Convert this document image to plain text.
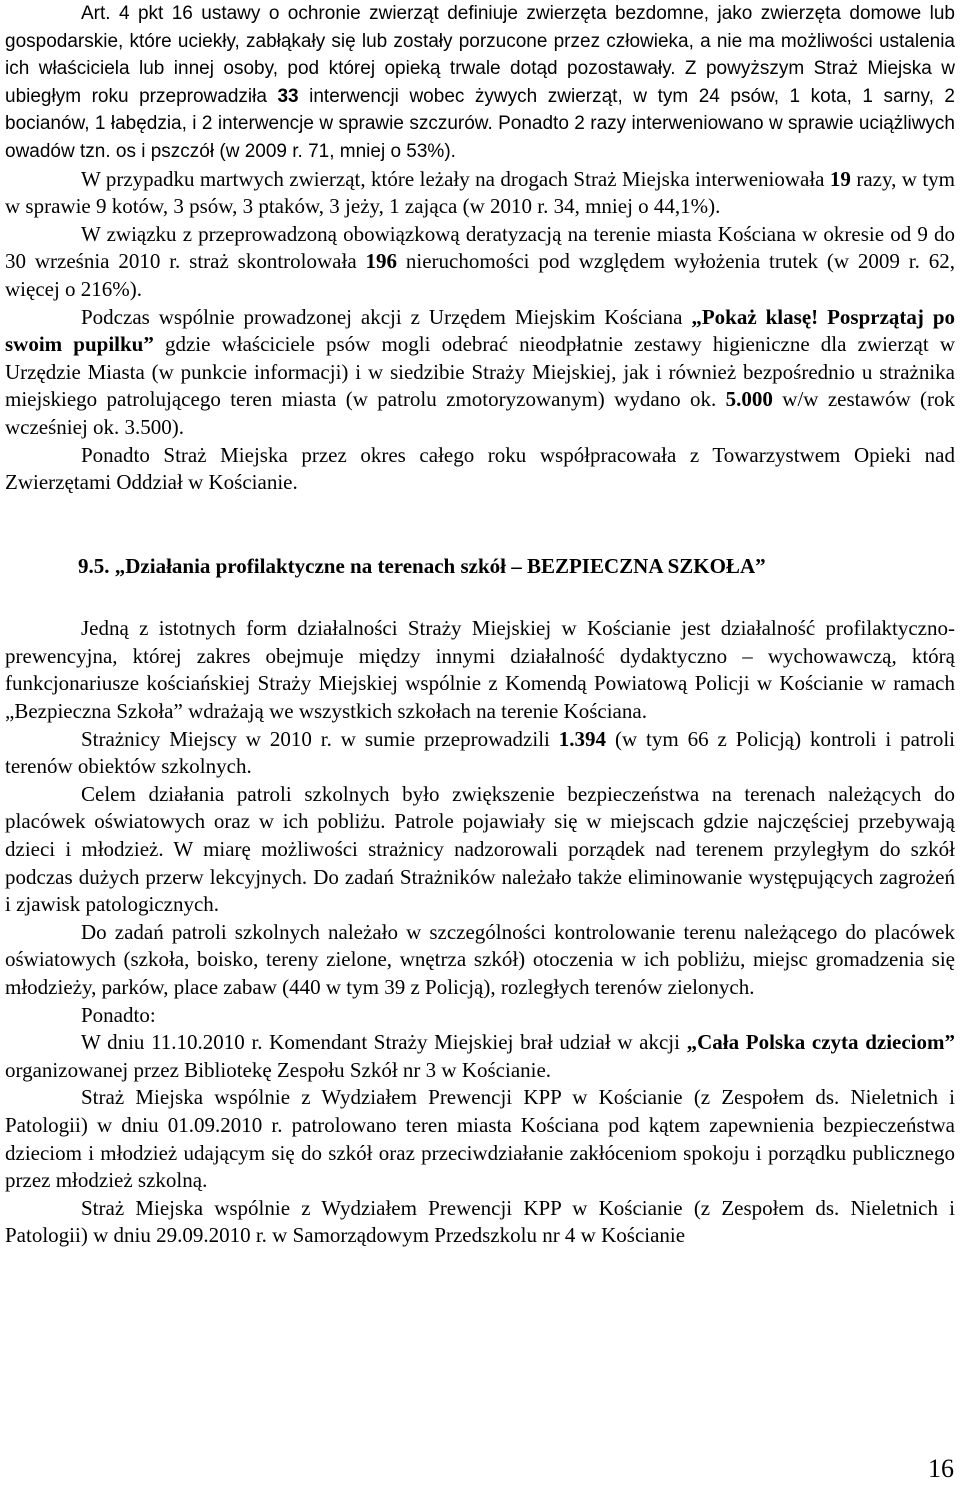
Art. 4 pkt 16 ustawy o ochronie zwierząt definiuje zwierzęta bezdomne, jako zwierzęta domowe lub gospodarskie, które uciekły, zabłąkały się lub zostały porzucone przez człowieka, a nie ma możliwości ustalenia ich właściciela lub innej osoby, pod której opieką trwale dotąd pozostawały. Z powyższym Straż Miejska w ubiegłym roku przeprowadziła 33 interwencji wobec żywych zwierząt, w tym 24 psów, 1 kota, 1 sarny, 2 bocianów, 1 łabędzia, i 2 interwencje w sprawie szczurów. Ponadto 2 razy interweniowano w sprawie uciążliwych owadów tzn. os i pszczół (w 2009 r. 71, mniej o 53%).

W przypadku martwych zwierząt, które leżały na drogach Straż Miejska interweniowała 19 razy, w tym w sprawie 9 kotów, 3 psów, 3 ptaków, 3 jeży, 1 zająca (w 2010 r. 34, mniej o 44,1%).

W związku z przeprowadzoną obowiązkową deratyzacją na terenie miasta Kościana w okresie od 9 do 30 września 2010 r. straż skontrolowała 196 nieruchomości pod względem wyłożenia trutek (w 2009 r. 62, więcej o 216%).

Podczas wspólnie prowadzonej akcji z Urzędem Miejskim Kościana „Pokaż klasę! Posprzątaj po swoim pupilku” gdzie właściciele psów mogli odebrać nieodpłatnie zestawy higieniczne dla zwierząt w Urzędzie Miasta (w punkcie informacji) i w siedzibie Straży Miejskiej, jak i również bezpośrednio u strażnika miejskiego patrolującego teren miasta (w patrolu zmotoryzowanym) wydano ok. 5.000 w/w zestawów (rok wcześniej ok. 3.500).

Ponadto Straż Miejska przez okres całego roku współpracowała z Towarzystwem Opieki nad Zwierzętami Oddział w Kościanie.

9.5. „Działania profilaktyczne na terenach szkół – BEZPIECZNA SZKOŁA”

Jedną z istotnych form działalności Straży Miejskiej w Kościanie jest działalność profilaktyczno-prewencyjna, której zakres obejmuje między innymi działalność dydaktyczno – wychowawczą, którą funkcjonariusze kościańskiej Straży Miejskiej wspólnie z Komendą Powiatową Policji w Kościanie w ramach „Bezpieczna Szkoła” wdrażają we wszystkich szkołach na terenie Kościana.

Strażnicy Miejscy w 2010 r. w sumie przeprowadzili 1.394 (w tym 66 z Policją) kontroli i patroli terenów obiektów szkolnych.

Celem działania patroli szkolnych było zwiększenie bezpieczeństwa na terenach należących do placówek oświatowych oraz w ich pobliżu. Patrole pojawiały się w miejscach gdzie najczęściej przebywają dzieci i młodzież. W miarę możliwości strażnicy nadzorowali porządek nad terenem przyległym do szkół podczas dużych przerw lekcyjnych. Do zadań Strażników należało także eliminowanie występujących zagrożeń i zjawisk patologicznych.

Do zadań patroli szkolnych należało w szczególności kontrolowanie terenu należącego do placówek oświatowych (szkoła, boisko, tereny zielone, wnętrza szkół) otoczenia w ich pobliżu, miejsc gromadzenia się młodzieży, parków, place zabaw (440 w tym 39 z Policją), rozległych terenów zielonych.

Ponadto:

W dniu 11.10.2010 r. Komendant Straży Miejskiej brał udział w akcji „Cała Polska czyta dzieciom” organizowanej przez Bibliotekę Zespołu Szkół nr 3 w Kościanie.

Straż Miejska wspólnie z Wydziałem Prewencji KPP w Kościanie (z Zespołem ds. Nieletnich i Patologii) w dniu 01.09.2010 r. patrolowano teren miasta Kościana pod kątem zapewnienia bezpieczeństwa dzieciom i młodzież udającym się do szkół oraz przeciwdziałanie zakłóceniom spokoju i porządku publicznego przez młodzież szkolną.

Straż Miejska wspólnie z Wydziałem Prewencji KPP w Kościanie (z Zespołem ds. Nieletnich i Patologii) w dniu 29.09.2010 r. w Samorządowym Przedszkolu nr 4 w Kościanie

16
